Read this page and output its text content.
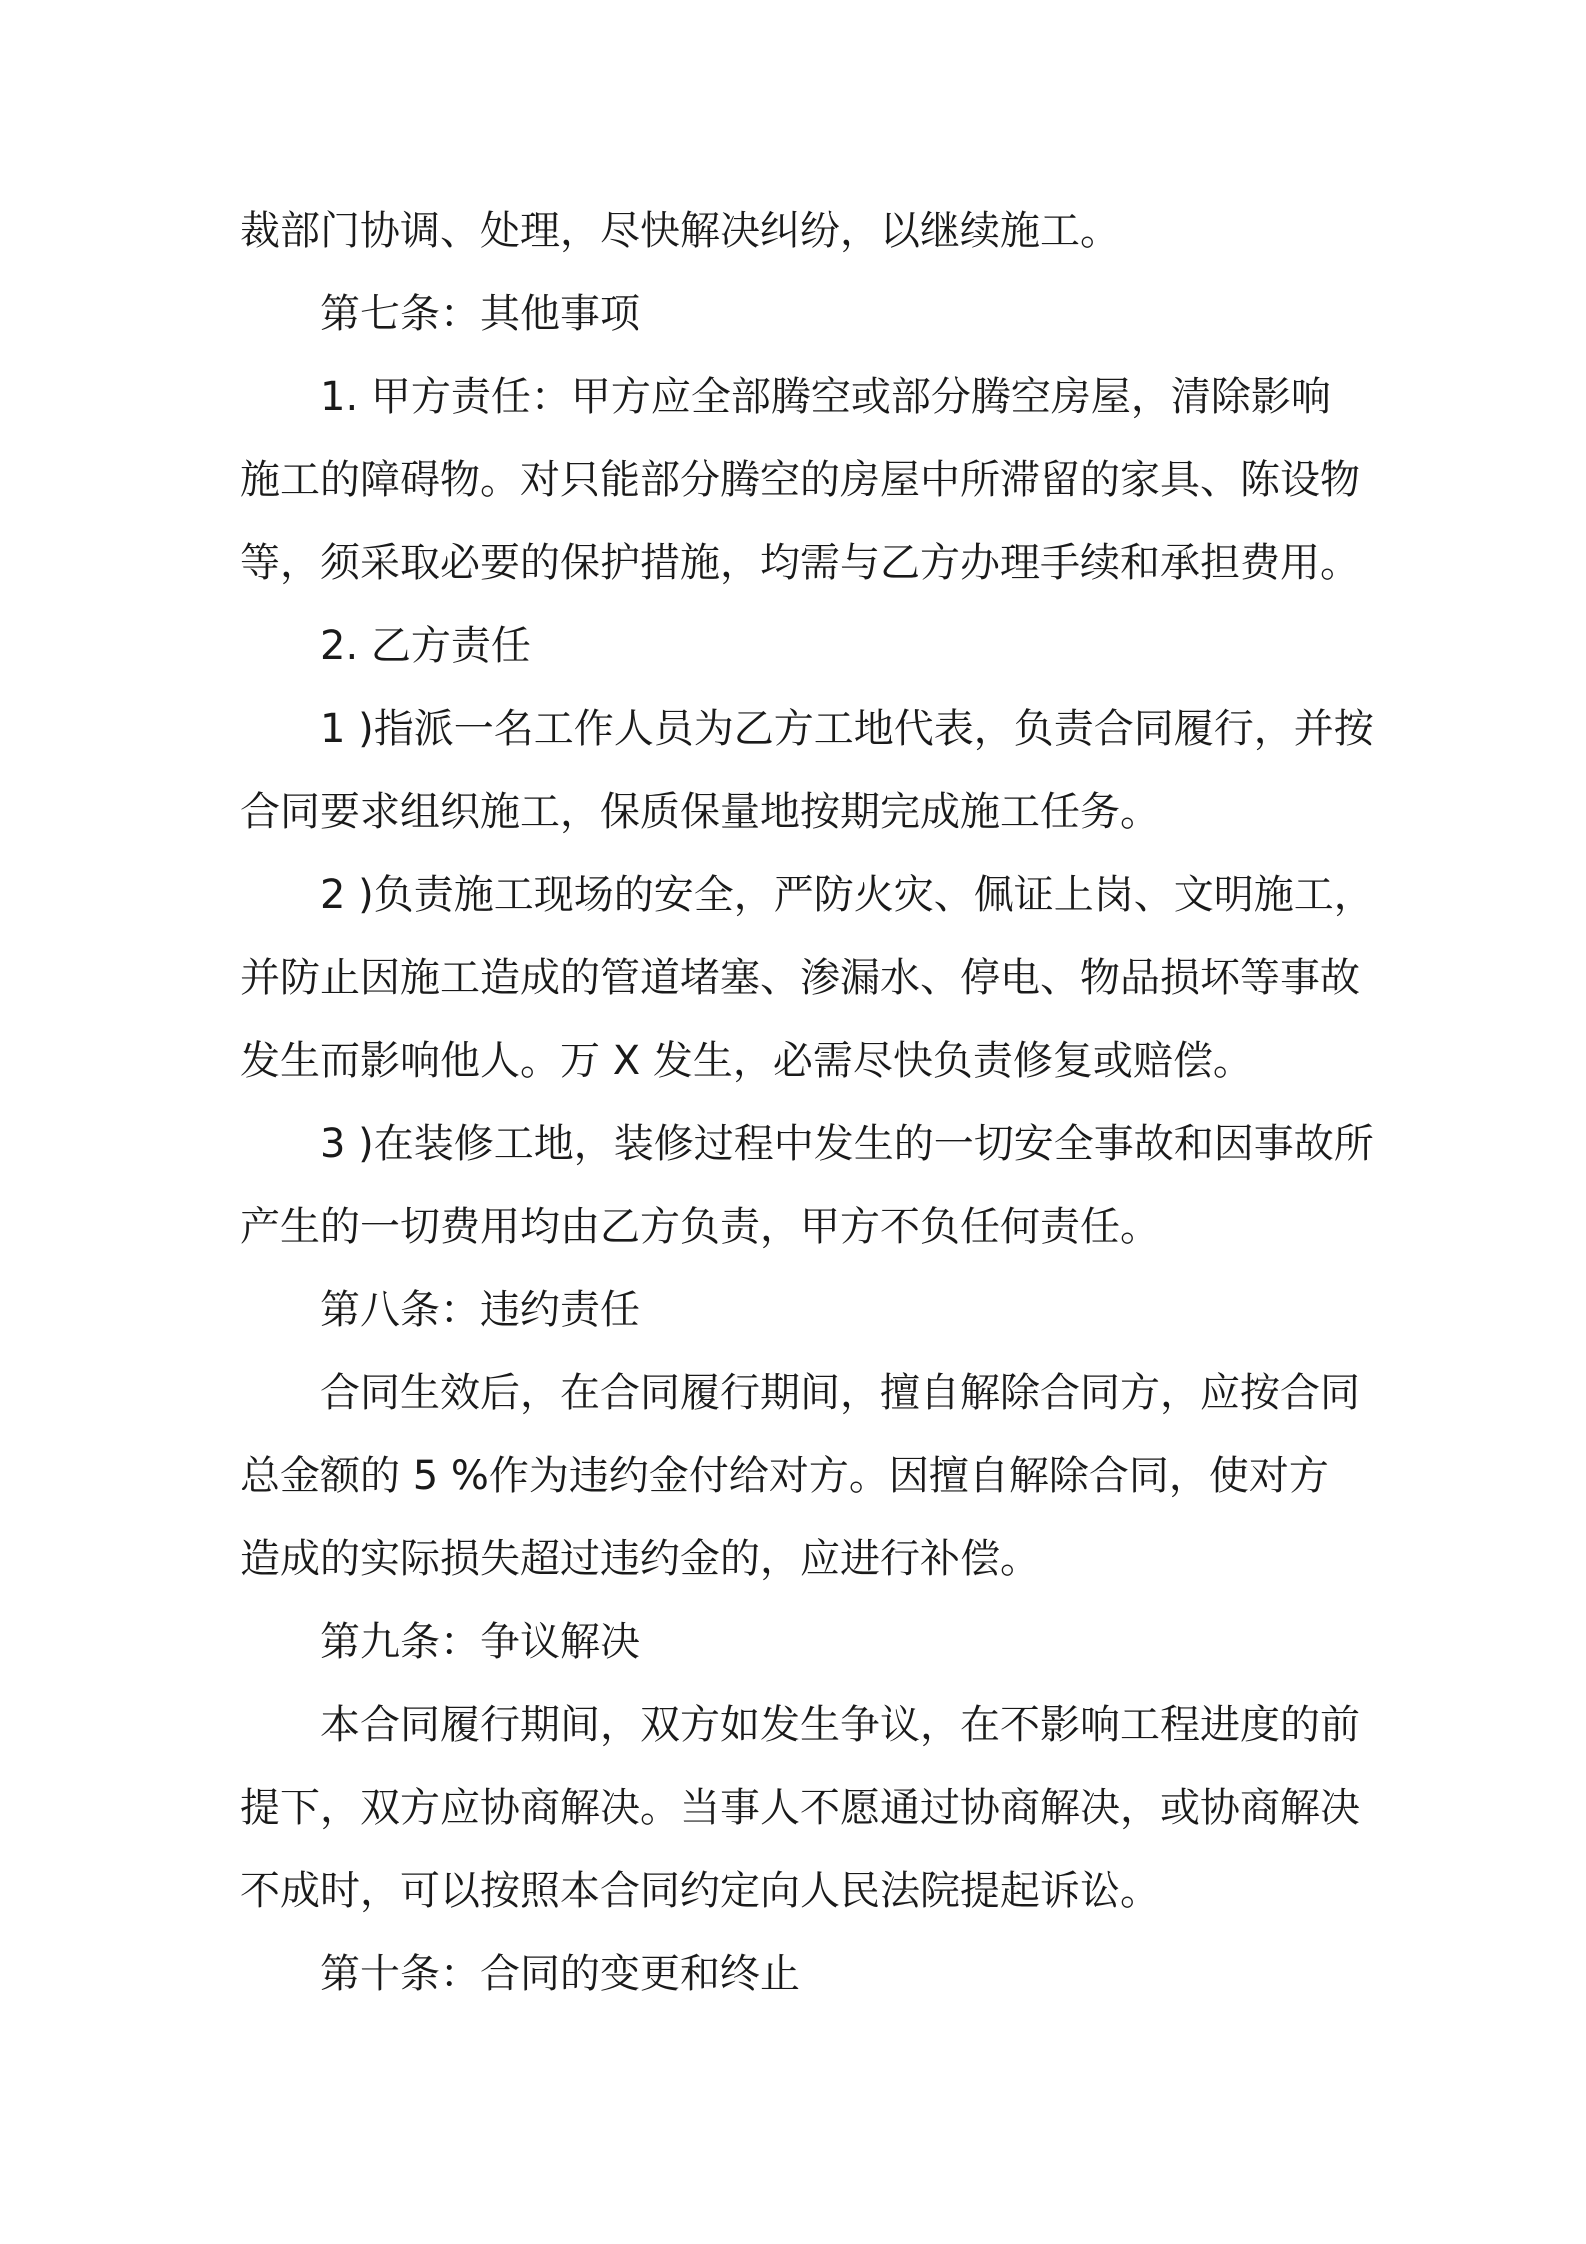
裁部门协调、处理，尽快解决纠纷，以继续施工。
第七条：其他事项
1. 甲方责任：甲方应全部腾空或部分腾空房屋，清除影响
施工的障碍物。对只能部分腾空的房屋中所滞留的家具、陈设物
等，须采取必要的保护措施，均需与乙方办理手续和承担费用。
2. 乙方责任
1 )指派一名工作人员为乙方工地代表，负责合同履行，并按
合同要求组织施工，保质保量地按期完成施工任务。
2 )负责施工现场的安全，严防火灾、佩证上岗、文明施工，
并防止因施工造成的管道堵塞、渗漏水、停电、物品损坏等事故
发生而影响他人。万 X 发生，必需尽快负责修复或赔偿。
3 )在装修工地，装修过程中发生的一切安全事故和因事故所
产生的一切费用均由乙方负责，甲方不负任何责任。
第八条：违约责任
合同生效后，在合同履行期间，擅自解除合同方，应按合同
总金额的 5 %作为违约金付给对方。因擅自解除合同，使对方
造成的实际损失超过违约金的，应进行补偿。
第九条：争议解决
本合同履行期间，双方如发生争议，在不影响工程进度的前
提下，双方应协商解决。当事人不愿通过协商解决，或协商解决
不成时，可以按照本合同约定向人民法院提起诉讼。
第十条：合同的变更和终止
